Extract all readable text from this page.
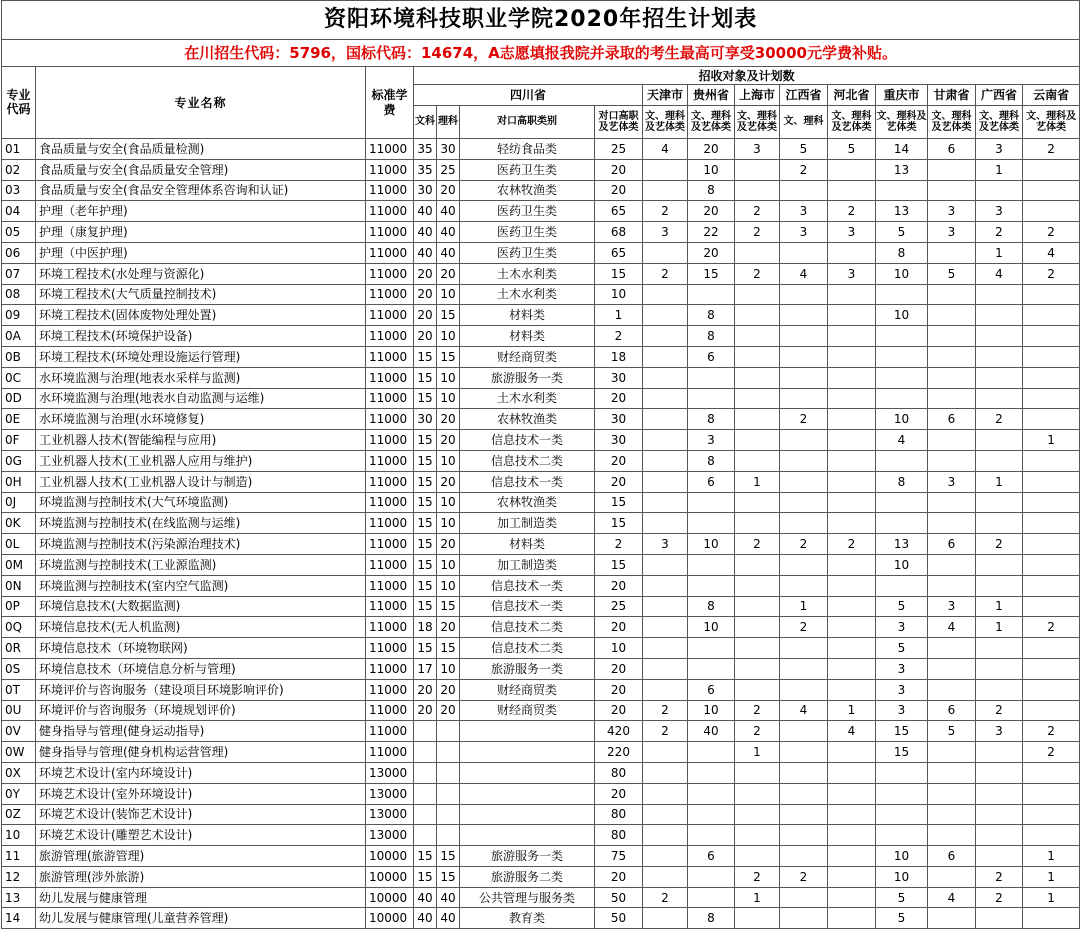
资阳环境科技职业学院2020年招生计划表															
在川招生代码：5796，国标代码：14674，A志愿填报我院并录取的考生最高可享受30000元学费补贴。															
专业代码	专业名称	标准学费	招收对象及计划数												
			四川省				天津市	贵州省	上海市	江西省	河北省	重庆市	甘肃省	广西省	云南省
			文科	理科	对口高职类别	对口高职及艺体类	文、理科及艺体类	文、理科及艺体类	文、理科及艺体类	文、理科	文、理科及艺体类	文、理科及艺体类	文、理科及艺体类	文、理科及艺体类	文、理科及艺体类
01	食品质量与安全(食品质量检测)	11000	35	30	轻纺食品类	25	4	20	3	5	5	14	6	3	2
02	食品质量与安全(食品质量安全管理)	11000	35	25	医药卫生类	20		10		2		13		1	
03	食品质量与安全(食品安全管理体系咨询和认证)	11000	30	20	农林牧渔类	20		8							
04	护理（老年护理)	11000	40	40	医药卫生类	65	2	20	2	3	2	13	3	3	
05	护理（康复护理)	11000	40	40	医药卫生类	68	3	22	2	3	3	5	3	2	2
06	护理（中医护理)	11000	40	40	医药卫生类	65		20				8		1	4
07	环境工程技术(水处理与资源化)	11000	20	20	土木水利类	15	2	15	2	4	3	10	5	4	2
08	环境工程技术(大气质量控制技术)	11000	20	10	土木水利类	10									
09	环境工程技术(固体废物处理处置)	11000	20	15	材料类	1		8				10			
0A	环境工程技术(环境保护设备)	11000	20	10	材料类	2		8							
0B	环境工程技术(环境处理设施运行管理)	11000	15	15	财经商贸类	18		6							
0C	水环境监测与治理(地表水采样与监测)	11000	15	10	旅游服务一类	30									
0D	水环境监测与治理(地表水自动监测与运维)	11000	15	10	土木水利类	20									
0E	水环境监测与治理(水环境修复)	11000	30	20	农林牧渔类	30		8		2		10	6	2	
0F	工业机器人技术(智能编程与应用)	11000	15	20	信息技术一类	30		3				4			1
0G	工业机器人技术(工业机器人应用与维护)	11000	15	10	信息技术二类	20		8							
0H	工业机器人技术(工业机器人设计与制造)	11000	15	20	信息技术一类	20		6	1			8	3	1	
0J	环境监测与控制技术(大气环境监测)	11000	15	10	农林牧渔类	15									
0K	环境监测与控制技术(在线监测与运维)	11000	15	10	加工制造类	15									
0L	环境监测与控制技术(污染源治理技术)	11000	15	20	材料类	2	3	10	2	2	2	13	6	2	
0M	环境监测与控制技术(工业源监测)	11000	15	10	加工制造类	15						10			
0N	环境监测与控制技术(室内空气监测)	11000	15	10	信息技术一类	20									
0P	环境信息技术(大数据监测)	11000	15	15	信息技术一类	25		8		1		5	3	1	
0Q	环境信息技术(无人机监测)	11000	18	20	信息技术二类	20		10		2		3	4	1	2
0R	环境信息技术（环境物联网)	11000	15	15	信息技术二类	10						5			
0S	环境信息技术（环境信息分析与管理)	11000	17	10	旅游服务一类	20						3			
0T	环境评价与咨询服务（建设项目环境影响评价)	11000	20	20	财经商贸类	20		6				3			
0U	环境评价与咨询服务（环境规划评价)	11000	20	20	财经商贸类	20	2	10	2	4	1	3	6	2	
0V	健身指导与管理(健身运动指导)	11000				420	2	40	2		4	15	5	3	2
0W	健身指导与管理(健身机构运营管理)	11000				220			1			15			2
0X	环境艺术设计(室内环境设计)	13000				80									
0Y	环境艺术设计(室外环境设计)	13000				20									
0Z	环境艺术设计(装饰艺术设计)	13000				80									
10	环境艺术设计(雕塑艺术设计)	13000				80									
11	旅游管理(旅游管理)	10000	15	15	旅游服务一类	75		6				10	6		1
12	旅游管理(涉外旅游)	10000	15	15	旅游服务二类	20			2	2		10		2	1
13	幼儿发展与健康管理	10000	40	40	公共管理与服务类	50	2		1			5	4	2	1
14	幼儿发展与健康管理(儿童营养管理)	10000	40	40	教育类	50		8				5			
